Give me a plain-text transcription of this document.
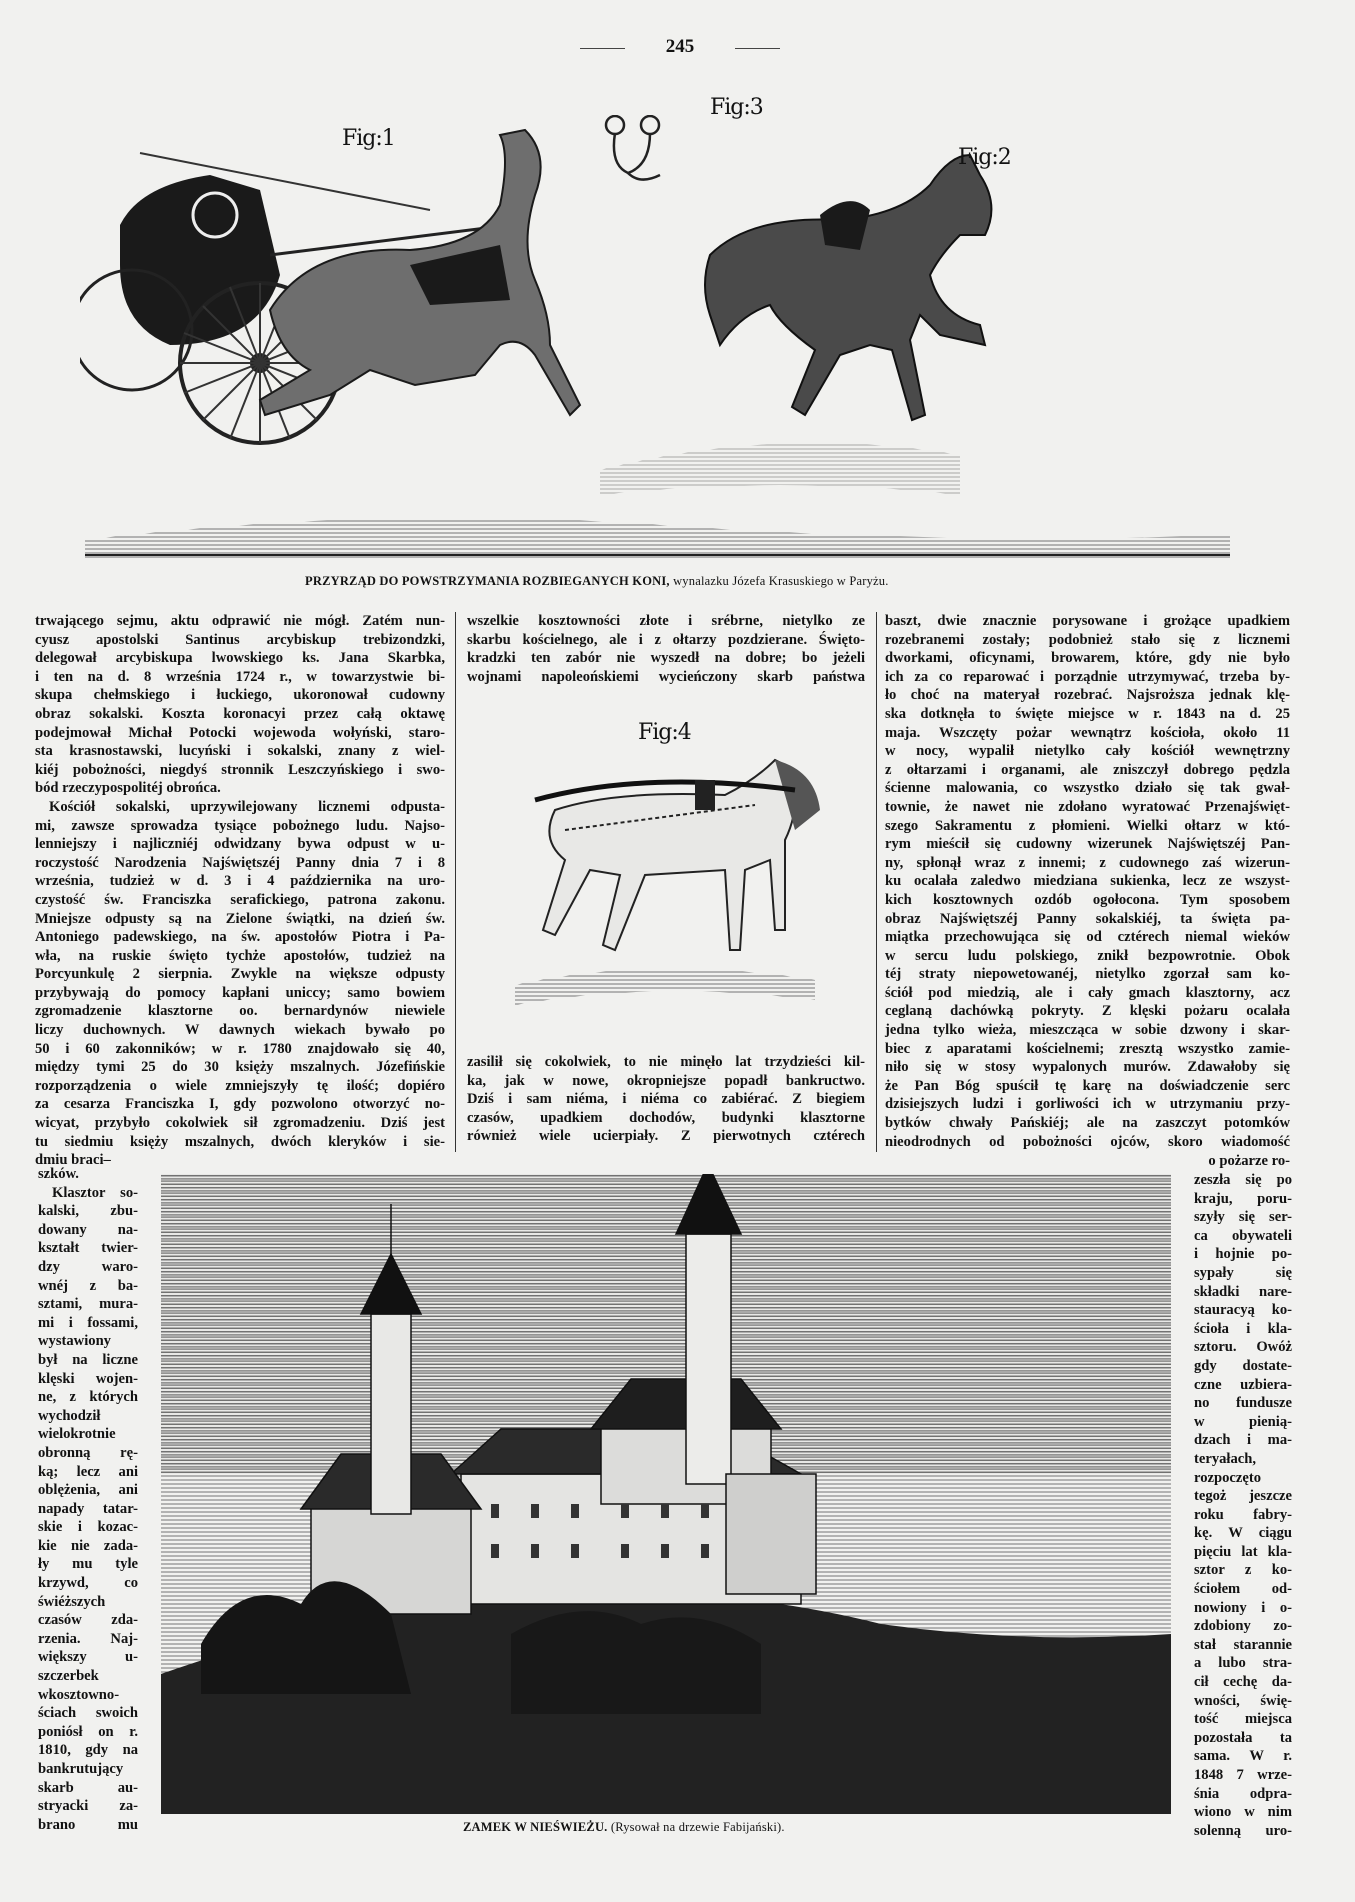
245
Fig:1
Fig:3
Fig:2
PRZYRZĄD DO POWSTRZYMANIA ROZBIEGANYCH KONI, wynalazku Józefa Krasuskiego w Paryżu.
trwającego sejmu, aktu odprawić nie mógł. Zatém nun-
cyusz apostolski Santinus arcybiskup trebizondzki,
delegował arcybiskupa lwowskiego ks. Jana Skarbka,
i ten na d. 8 września 1724 r., w towarzystwie bi-
skupa chełmskiego i łuckiego, ukoronował cudowny
obraz sokalski. Koszta koronacyi przez całą oktawę
podejmował Michał Potocki wojewoda wołyński, staro-
sta krasnostawski, lucyński i sokalski, znany z wiel-
kiéj pobożności, niegdyś stronnik Leszczyńskiego i swo-
bód rzeczypospolitéj obrońca.
Kościół sokalski, uprzywilejowany licznemi odpusta-
mi, zawsze sprowadza tysiące pobożnego ludu. Najso-
lenniejszy i najliczniéj odwidzany bywa odpust w u-
roczystość Narodzenia Najświętszéj Panny dnia 7 i 8
września, tudzież w d. 3 i 4 października na uro-
czystość św. Franciszka serafickiego, patrona zakonu.
Mniejsze odpusty są na Zielone świątki, na dzień św.
Antoniego padewskiego, na św. apostołów Piotra i Pa-
wła, na ruskie święto tychże apostołów, tudzież na
Porcyunkulę 2 sierpnia. Zwykle na większe odpusty
przybywają do pomocy kapłani uniccy; samo bowiem
zgromadzenie klasztorne oo. bernardynów niewiele
liczy duchownych. W dawnych wiekach bywało po
50 i 60 zakonników; w r. 1780 znajdowało się 40,
między tymi 25 do 30 księży mszalnych. Józefińskie
rozporządzenia o wiele zmniejszyły tę ilość; dopiéro
za cesarza Franciszka I, gdy pozwolono otworzyć no-
wicyat, przybyło cokolwiek sił zgromadzeniu. Dziś jest
tu siedmiu księży mszalnych, dwóch kleryków i sie-
dmiu braci–
szków.
Klasztor so-
kalski, zbu-
dowany na-
kształt twier-
dzy waro-
wnéj z ba-
sztami, mura-
mi i fossami,
wystawiony
był na liczne
klęski wojen-
ne, z których
wychodził
wielokrotnie
obronną rę-
ką; lecz ani
oblężenia, ani
napady tatar-
skie i kozac-
kie nie zada-
ły mu tyle
krzywd, co
świéższych
czasów zda-
rzenia. Naj-
większy u-
szczerbek
wkosztowno-
ściach swoich
poniósł on r.
1810, gdy na
bankrutujący
skarb au-
stryacki za-
brano mu
wszelkie kosztowności złote i srébrne, nietylko ze
skarbu kościelnego, ale i z ołtarzy pozdzierane. Święto-
kradzki ten zabór nie wyszedł na dobre; bo jeżeli
wojnami napoleońskiemi wycieńczony skarb państwa
zasilił się cokolwiek, to nie minęło lat trzydzieści kil-
ka, jak w nowe, okropniejsze popadł bankructwo.
Dziś i sam niéma, i niéma co zabiérać. Z biegiem
czasów, upadkiem dochodów, budynki klasztorne
również wiele ucierpiały. Z pierwotnych cztérech
baszt, dwie znacznie porysowane i grożące upadkiem
rozebranemi zostały; podobnież stało się z licznemi
dworkami, oficynami, browarem, które, gdy nie było
ich za co reparować i porządnie utrzymywać, trzeba by-
ło choć na materyał rozebrać. Najsroższa jednak klę-
ska dotknęła to święte miejsce w r. 1843 na d. 25
maja. Wszczęty pożar wewnątrz kościoła, około 11
w nocy, wypalił nietylko cały kościół wewnętrzny
z ołtarzami i organami, ale zniszczył dobrego pędzla
ścienne malowania, co wszystko działo się tak gwał-
townie, że nawet nie zdołano wyratować Przenajświęt-
szego Sakramentu z płomieni. Wielki ołtarz w któ-
rym mieścił się cudowny wizerunek Najświętszéj Pan-
ny, spłonął wraz z innemi; z cudownego zaś wizerun-
ku ocalała zaledwo miedziana sukienka, lecz ze wszyst-
kich kosztownych ozdób ogołocona. Tym sposobem
obraz Najświętszéj Panny sokalskiéj, ta święta pa-
miątka przechowująca się od cztérech niemal wieków
w sercu ludu polskiego, znikł bezpowrotnie. Obok
téj straty niepowetowanéj, nietylko zgorzał sam ko-
ściół pod miedzią, ale i cały gmach klasztorny, acz
ceglaną dachówką pokryty. Z klęski pożaru ocalała
jedna tylko wieża, mieszcząca w sobie dzwony i skar-
biec z aparatami kościelnemi; zresztą wszystko zamie-
niło się w stosy wypalonych murów. Zdawałoby się
że Pan Bóg spuścił tę karę na doświadczenie serc
dzisiejszych ludzi i gorliwości ich w utrzymaniu przy-
bytków chwały Pańskiéj; ale na zaszczyt potomków
nieodrodnych od pobożności ojców, skoro wiadomość
o pożarze ro-
zeszła się po
kraju, poru-
szyły się ser-
ca obywateli
i hojnie po-
sypały się
składki nare-
stauracyą ko-
ścioła i kla-
sztoru. Owóż
gdy dostate-
czne uzbiera-
no fundusze
w pienią-
dzach i ma-
teryałach,
rozpoczęto
tegoż jeszcze
roku fabry-
kę. W ciągu
pięciu lat kla-
sztor z ko-
ściołem od-
nowiony i o-
zdobiony zo-
stał starannie
a lubo stra-
cił cechę da-
wności, świę-
tość miejsca
pozostała ta
sama. W r.
1848 7 wrze-
śnia odpra-
wiono w nim
solenną uro-
Fig:4
ZAMEK W NIEŚWIEŻU. (Rysował na drzewie Fabijański).
